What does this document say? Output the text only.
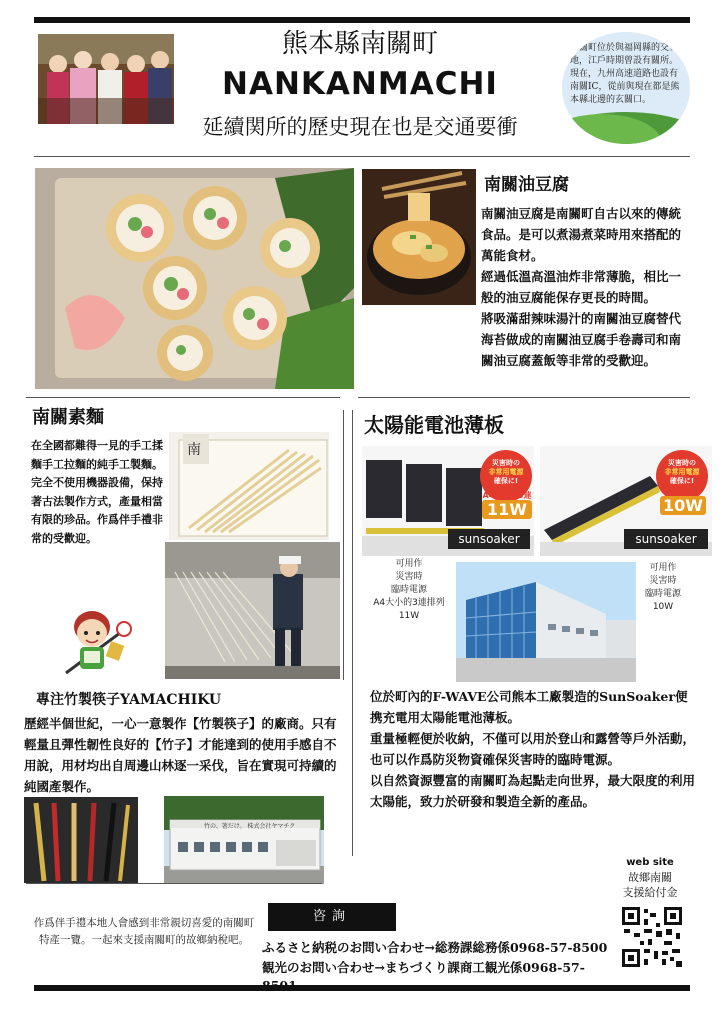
熊本縣南關町
NANKANMACHI
延續関所的歷史現在也是交通要衝
南關町位於與福岡縣的交界地，江戶時期曾設有關所。現在，九州高速道路也設有南關IC，從前與現在都是熊本縣北邊的玄關口。
南關油豆腐

南關油豆腐是南關町自古以來的傳統食品。是可以煮湯煮菜時用來搭配的萬能食材。

經過低溫高溫油炸非常薄脆，相比一般的油豆腐能保存更長的時間。

將吸滿甜辣味湯汁的南關油豆腐替代海苔做成的南關油豆腐手卷壽司和南關油豆腐蓋飯等非常的受歡迎。

南關素麵
在全國都難得一見的手工揉麵手工拉麵的純手工製麵。完全不使用機器設備，保持著古法製作方式，產量相當有限的珍品。作爲伴手禮非常的受歡迎。
南
太陽能電池薄板
災害時の
非常用電源
確保に!
A4タイプ3連
11W
sunsoaker
災害時の
非常用電源
確保に!
10W
sunsoaker
可用作
災害時
臨時電源
A4大小的3連排列
11W
可用作
災害時
臨時電源
10W

位於町內的F-WAVE公司熊本工廠製造的SunSoaker便携充電用太陽能電池薄板。

重量極輕便於收納，不僅可以用於登山和露營等戶外活動，也可以作爲防災物資確保災害時的臨時電源。

以自然資源豐富的南關町為起點走向世界，最大限度的利用太陽能，致力於研發和製造全新的產品。

專注竹製筷子YAMACHIKU
歷經半個世紀，一心一意製作【竹製筷子】的廠商。只有輕量且彈性韌性良好的【竹子】才能達到的使用手感自不用說，用材均出自周邊山林逐一采伐，旨在實現可持續的純國產製作。
竹の、箸だけ。 株式会社ヤマチク
作爲伴手禮本地人會感到非常親切喜愛的南關町特產一覽。一起來支援南關町的故鄉納稅吧。
咨詢
ふるさと納税のお問い合わせ→総務課総務係0968-57-8500
観光のお問い合わせ→まちづくり課商工観光係0968-57-
web site
故鄉南關
支援給付金
